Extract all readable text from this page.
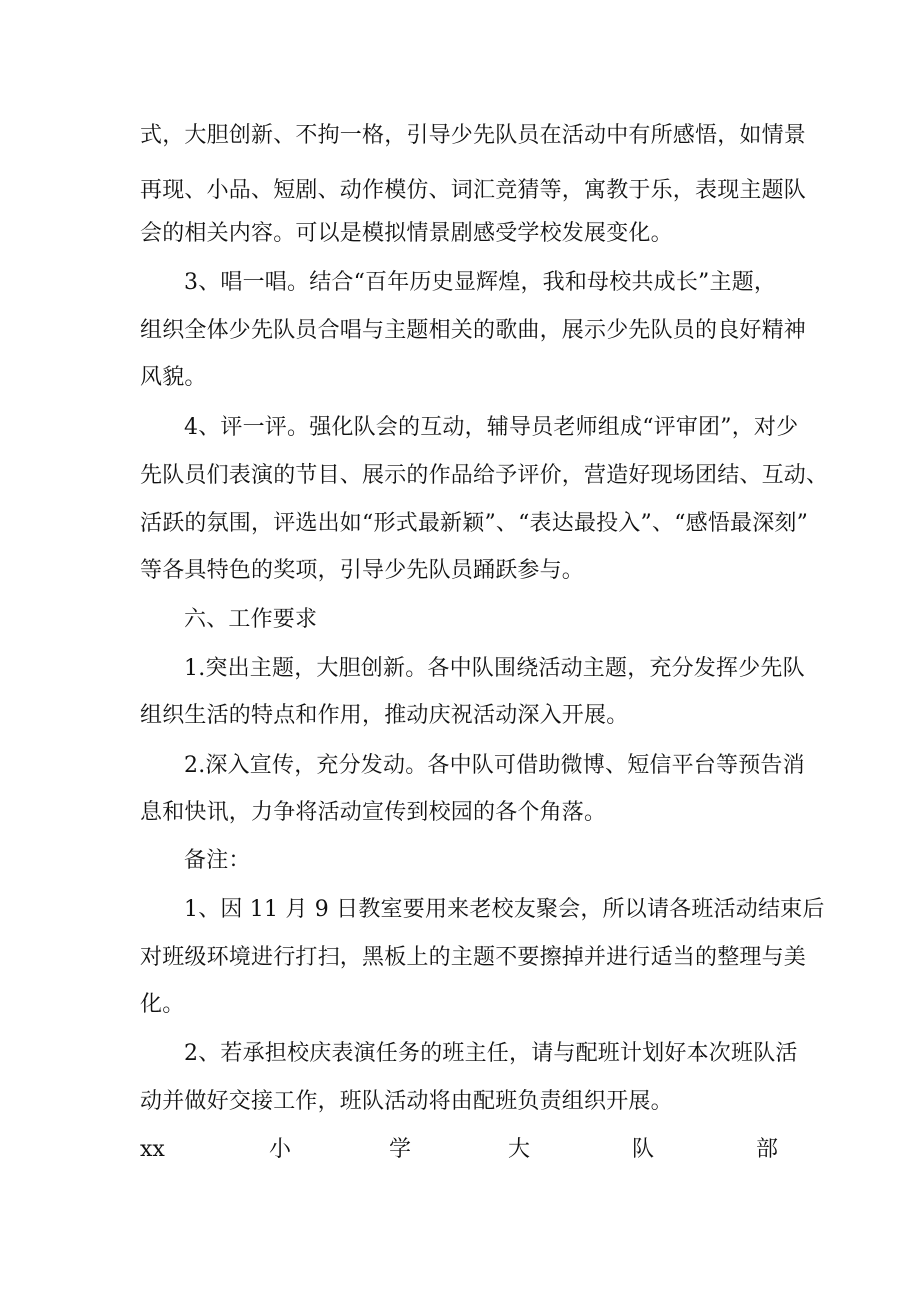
式，大胆创新、不拘一格，引导少先队员在活动中有所感悟，如情景
再现、小品、短剧、动作模仿、词汇竞猜等，寓教于乐，表现主题队
会的相关内容。可以是模拟情景剧感受学校发展变化。
3、唱一唱。结合“百年历史显辉煌，我和母校共成长”主题，
组织全体少先队员合唱与主题相关的歌曲，展示少先队员的良好精神
风貌。
4、评一评。强化队会的互动，辅导员老师组成“评审团”，对少
先队员们表演的节目、展示的作品给予评价，营造好现场团结、互动、
活跃的氛围，评选出如“形式最新颖”、“表达最投入”、“感悟最深刻”
等各具特色的奖项，引导少先队员踊跃参与。
六、工作要求
1.突出主题，大胆创新。各中队围绕活动主题，充分发挥少先队
组织生活的特点和作用，推动庆祝活动深入开展。
2.深入宣传，充分发动。各中队可借助微博、短信平台等预告消
息和快讯，力争将活动宣传到校园的各个角落。
备注：
1、因 11 月 9 日教室要用来老校友聚会，所以请各班活动结束后
对班级环境进行打扫，黑板上的主题不要擦掉并进行适当的整理与美
化。
2、若承担校庆表演任务的班主任，请与配班计划好本次班队活
动并做好交接工作，班队活动将由配班负责组织开展。
xx	小	学	大	队	部
